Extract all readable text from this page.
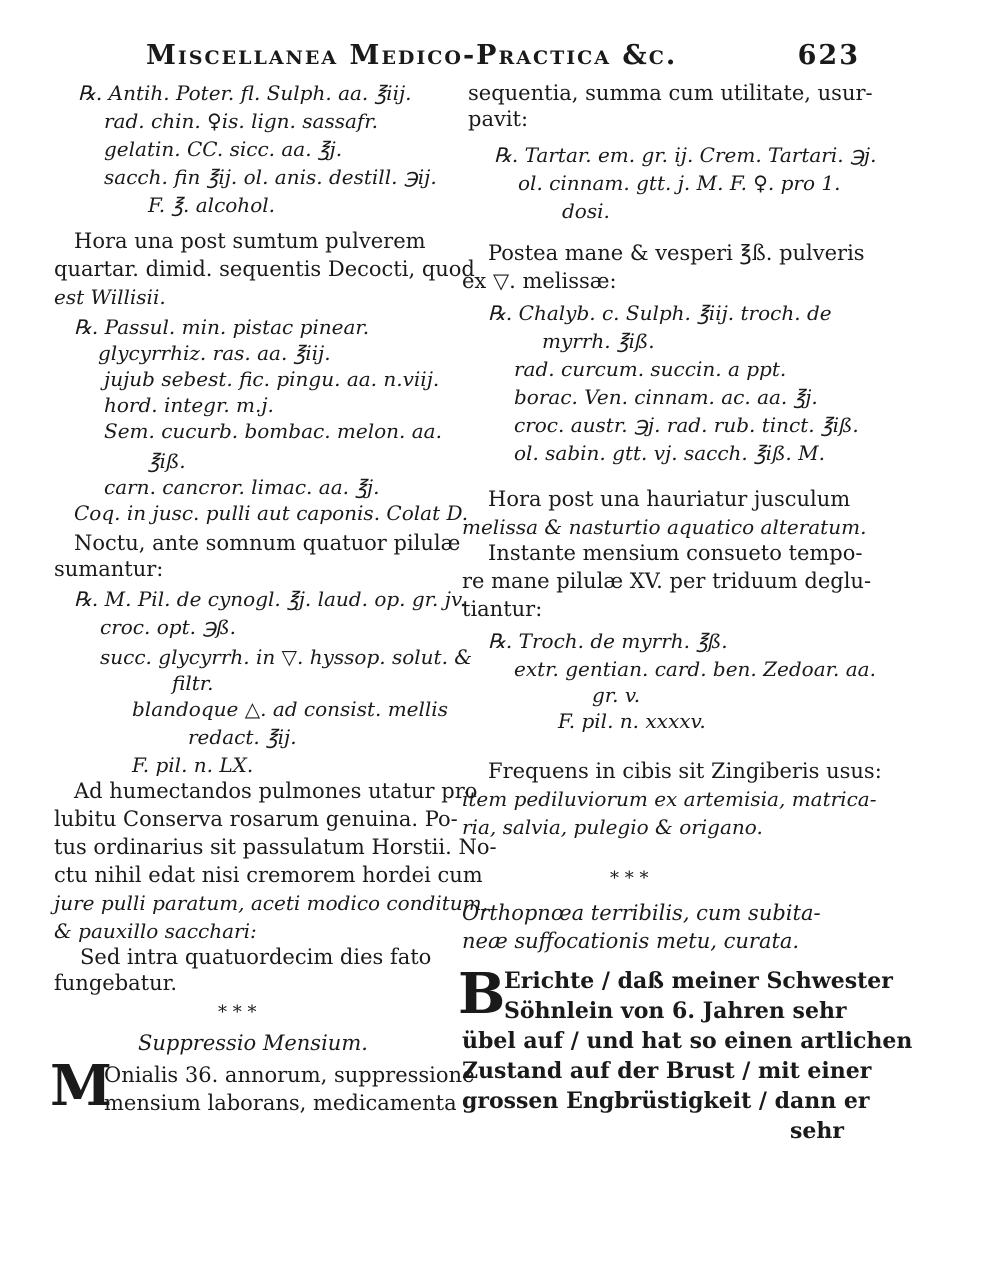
Miscellanea Medico-Practica &c.	623
℞. Antih. Poter. fl. Sulph. aa. ℥iij.
rad. chin. ♀is. lign. sassafr.
gelatin. CC. sicc. aa. ℥j.
sacch. fin ℥ij. ol. anis. destill. ℈ij.
F. ℥. alcohol.
Hora una post sumtum pulverem
quartar. dimid. sequentis Decocti, quod
est Willisii.
℞. Passul. min. pistac pinear.
glycyrrhiz. ras. aa. ℥iij.
jujub sebest. fic. pingu. aa. n.viij.
hord. integr. m.j.
Sem. cucurb. bombac. melon. aa.
℥iß.
carn. cancror. limac. aa. ℥j.
Coq. in jusc. pulli aut caponis. Colat D.
Noctu, ante somnum quatuor pilulæ
sumantur:
℞. M. Pil. de cynogl. ℥j. laud. op. gr. jv.
croc. opt. ℈ß.
succ. glycyrrh. in ▽. hyssop. solut. &
filtr.
blandoque △. ad consist. mellis
redact. ℥ij.
F. pil. n. LX.
Ad humectandos pulmones utatur pro
lubitu Conserva rosarum genuina. Po-
tus ordinarius sit passulatum Horstii. No-
ctu nihil edat nisi cremorem hordei cum
jure pulli paratum, aceti modico conditum,
& pauxillo sacchari:
Sed intra quatuordecim dies fato
fungebatur.
* * *
Suppressio Mensium.
M
Onialis 36. annorum, suppressione
mensium laborans, medicamenta
sequentia, summa cum utilitate, usur-
pavit:
℞. Tartar. em. gr. ij. Crem. Tartari. ℈j.
ol. cinnam. gtt. j. M. F. ♀. pro 1.
dosi.
Postea mane & vesperi ℥ß. pulveris
ex ▽. melissæ:
℞. Chalyb. c. Sulph. ℥iij. troch. de
myrrh. ℥iß.
rad. curcum. succin. a ppt.
borac. Ven. cinnam. ac. aa. ℥j.
croc. austr. ℈j. rad. rub. tinct. ℥iß.
ol. sabin. gtt. vj. sacch. ℥iß. M.
Hora post una hauriatur jusculum
melissa & nasturtio aquatico alteratum.
Instante mensium consueto tempo-
re mane pilulæ XV. per triduum deglu-
tiantur:
℞. Troch. de myrrh. ℥ß.
extr. gentian. card. ben. Zedoar. aa.
gr. v.
F. pil. n. xxxxv.
Frequens in cibis sit Zingiberis usus:
item pediluviorum ex artemisia, matrica-
ria, salvia, pulegio & origano.
* * *
Orthopnœa terribilis, cum subita-
neæ suffocationis metu, curata.
B
Erichte / daß meiner Schwester
Söhnlein von 6. Jahren sehr
übel auf / und hat so einen artlichen
Zustand auf der Brust / mit einer
grossen Engbrüstigkeit / dann er
sehr
